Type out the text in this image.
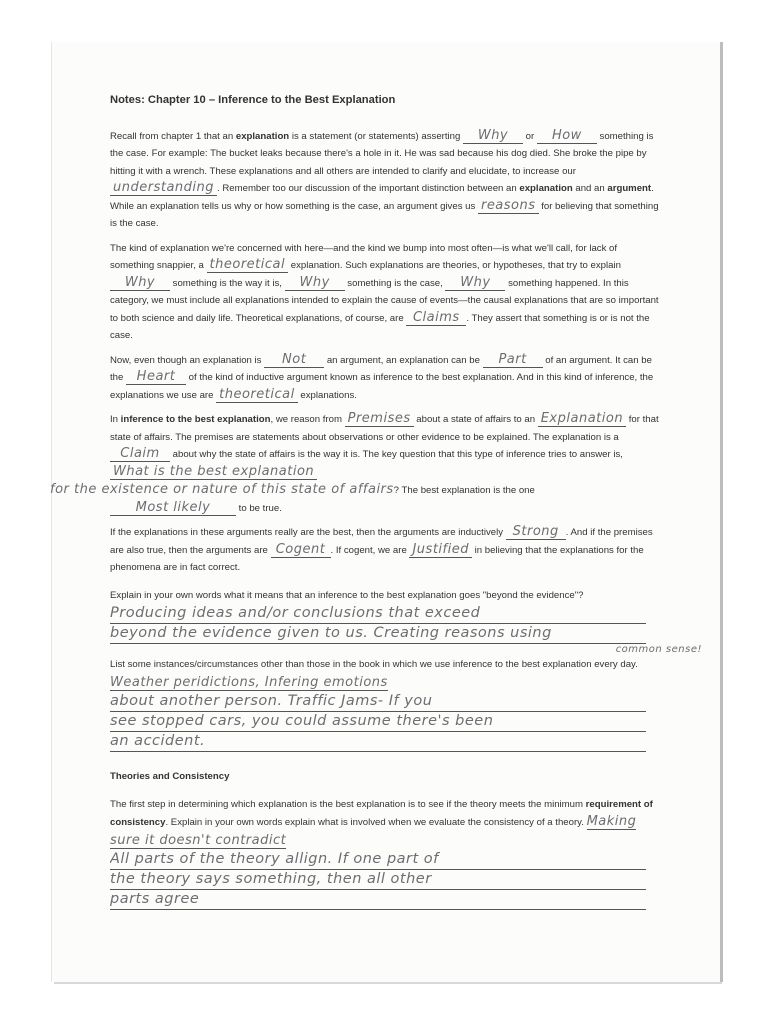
Notes: Chapter 10 – Inference to the Best Explanation

Recall from chapter 1 that an explanation is a statement (or statements) asserting Why or How something is the case. For example: The bucket leaks because there's a hole in it. He was sad because his dog died. She broke the pipe by hitting it with a wrench. These explanations and all others are intended to clarify and elucidate, to increase our understanding . Remember too our discussion of the important distinction between an explanation and an argument. While an explanation tells us why or how something is the case, an argument gives us reasons for believing that something is the case.

The kind of explanation we're concerned with here—and the kind we bump into most often—is what we'll call, for lack of something snappier, a theoretical explanation. Such explanations are theories, or hypotheses, that try to explain Why something is the way it is, Why something is the case, Why something happened. In this category, we must include all explanations intended to explain the cause of events—the causal explanations that are so important to both science and daily life. Theoretical explanations, of course, are Claims . They assert that something is or is not the case.

Now, even though an explanation is Not an argument, an explanation can be Part of an argument. It can be the Heart of the kind of inductive argument known as inference to the best explanation. And in this kind of inference, the explanations we use are theoretical explanations.

In inference to the best explanation, we reason from Premises about a state of affairs to an Explanation for that state of affairs. The premises are statements about observations or other evidence to be explained. The explanation is a Claim about why the state of affairs is the way it is. The key question that this type of inference tries to answer is, What is the best explanation
for the existence or nature of this state of affairs? The best explanation is the one
Most likely	to be true.

If the explanations in these arguments really are the best, then the arguments are inductively Strong . And if the premises are also true, then the arguments are Cogent . If cogent, we are Justified in believing that the explanations for the phenomena are in fact correct.

Explain in your own words what it means that an inference to the best explanation goes "beyond the evidence"?
Producing ideas and/or conclusions that exceed
beyond the evidence given to us. Creating reasons using
common sense!
List some instances/circumstances other than those in the book in which we use inference to the best explanation every day. Weather peridictions, Infering emotions
about another person. Traffic Jams- If you
see stopped cars, you could assume there's been
an accident.
Theories and Consistency
The first step in determining which explanation is the best explanation is to see if the theory meets the minimum requirement of consistency. Explain in your own words explain what is involved when we evaluate the consistency of a theory. Making sure it doesn't contradict
All parts of the theory allign. If one part of
the theory says something, then all other
parts agree
